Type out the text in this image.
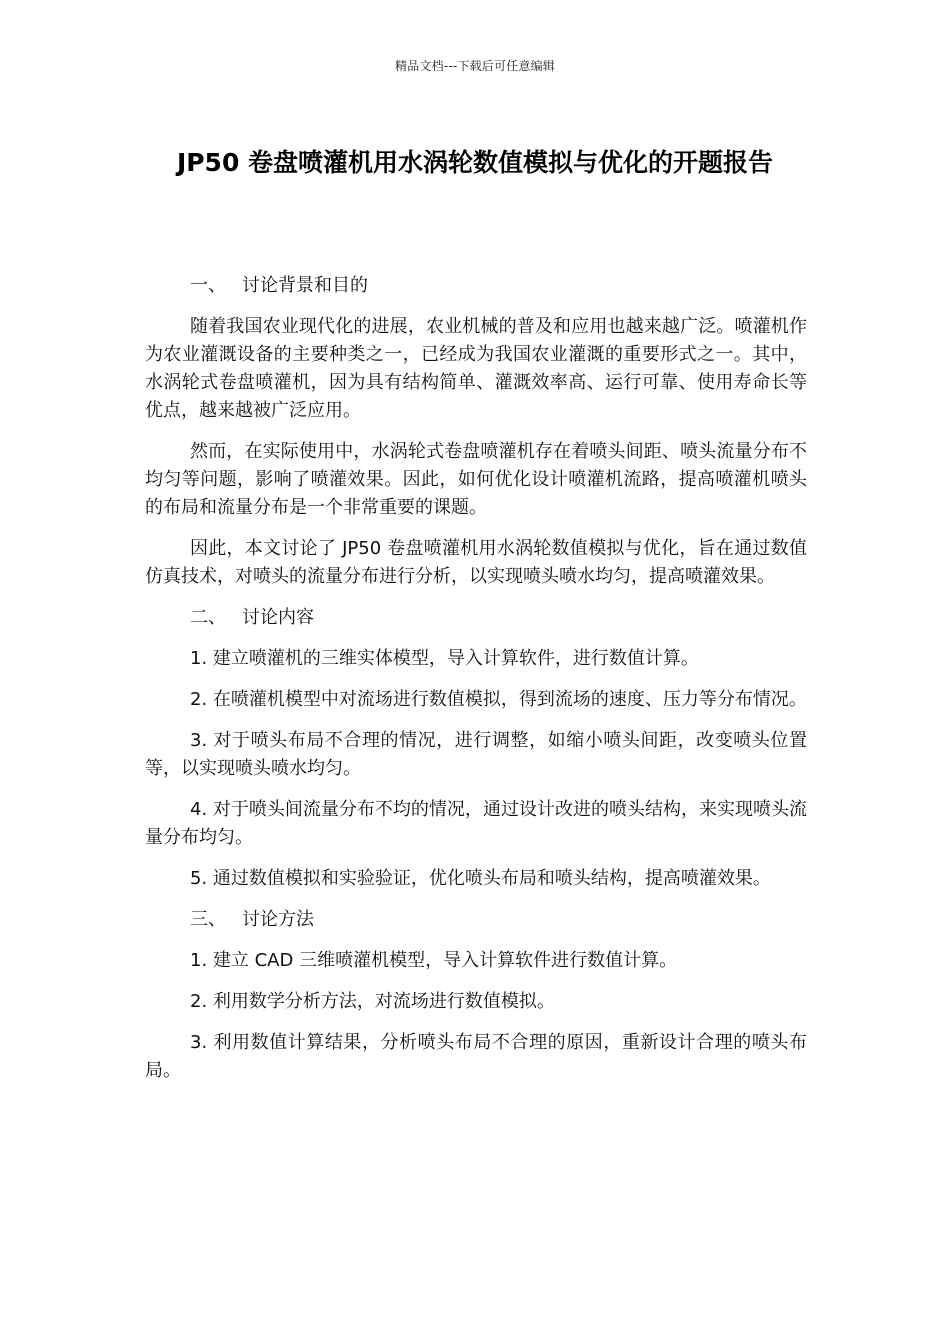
精品文档---下载后可任意编辑
JP50 卷盘喷灌机用水涡轮数值模拟与优化的开题报告
一、 讨论背景和目的

随着我国农业现代化的进展，农业机械的普及和应用也越来越广泛。喷灌机作为农业灌溉设备的主要种类之一，已经成为我国农业灌溉的重要形式之一。其中，水涡轮式卷盘喷灌机，因为具有结构简单、灌溉效率高、运行可靠、使用寿命长等优点，越来越被广泛应用。

然而，在实际使用中，水涡轮式卷盘喷灌机存在着喷头间距、喷头流量分布不均匀等问题，影响了喷灌效果。因此，如何优化设计喷灌机流路，提高喷灌机喷头的布局和流量分布是一个非常重要的课题。

因此，本文讨论了 JP50 卷盘喷灌机用水涡轮数值模拟与优化，旨在通过数值仿真技术，对喷头的流量分布进行分析，以实现喷头喷水均匀，提高喷灌效果。

二、 讨论内容

1. 建立喷灌机的三维实体模型，导入计算软件，进行数值计算。

2. 在喷灌机模型中对流场进行数值模拟，得到流场的速度、压力等分布情况。

3. 对于喷头布局不合理的情况，进行调整，如缩小喷头间距，改变喷头位置等，以实现喷头喷水均匀。

4. 对于喷头间流量分布不均的情况，通过设计改进的喷头结构，来实现喷头流量分布均匀。

5. 通过数值模拟和实验验证，优化喷头布局和喷头结构，提高喷灌效果。

三、 讨论方法

1. 建立 CAD 三维喷灌机模型，导入计算软件进行数值计算。

2. 利用数学分析方法，对流场进行数值模拟。

3. 利用数值计算结果，分析喷头布局不合理的原因，重新设计合理的喷头布局。
